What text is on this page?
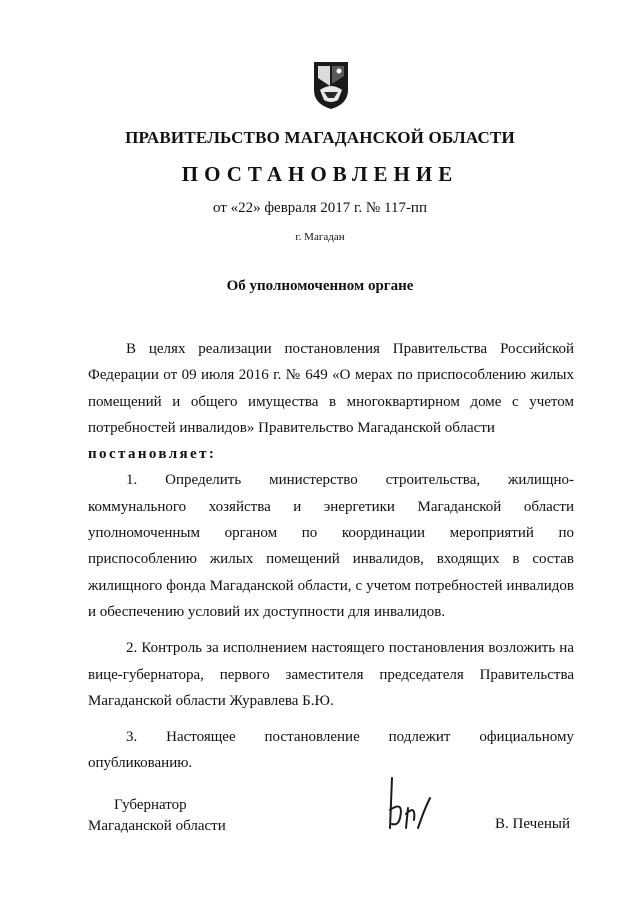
ПРАВИТЕЛЬСТВО МАГАДАНСКОЙ ОБЛАСТИ
ПОСТАНОВЛЕНИЕ
от «22» февраля 2017 г. № 117-пп
г. Магадан
Об уполномоченном органе

В целях реализации постановления Правительства Российской Федерации от 09 июля 2016 г. № 649 «О мерах по приспособлению жилых помещений и общего имущества в многоквартирном доме с учетом потребностей инвалидов» Правительство Магаданской области

постановляет:

1. Определить министерство строительства, жилищно-коммунального хозяйства и энергетики Магаданской области уполномоченным органом по координации мероприятий по приспособлению жилых помещений инвалидов, входящих в состав жилищного фонда Магаданской области, с учетом потребностей инвалидов и обеспечению условий их доступности для инвалидов.

2. Контроль за исполнением настоящего постановления возложить на вице-губернатора, первого заместителя председателя Правительства Магаданской области Журавлева Б.Ю.

3. Настоящее постановление подлежит официальному опубликованию.

Губернатор
Магаданской области	В. Печеный
